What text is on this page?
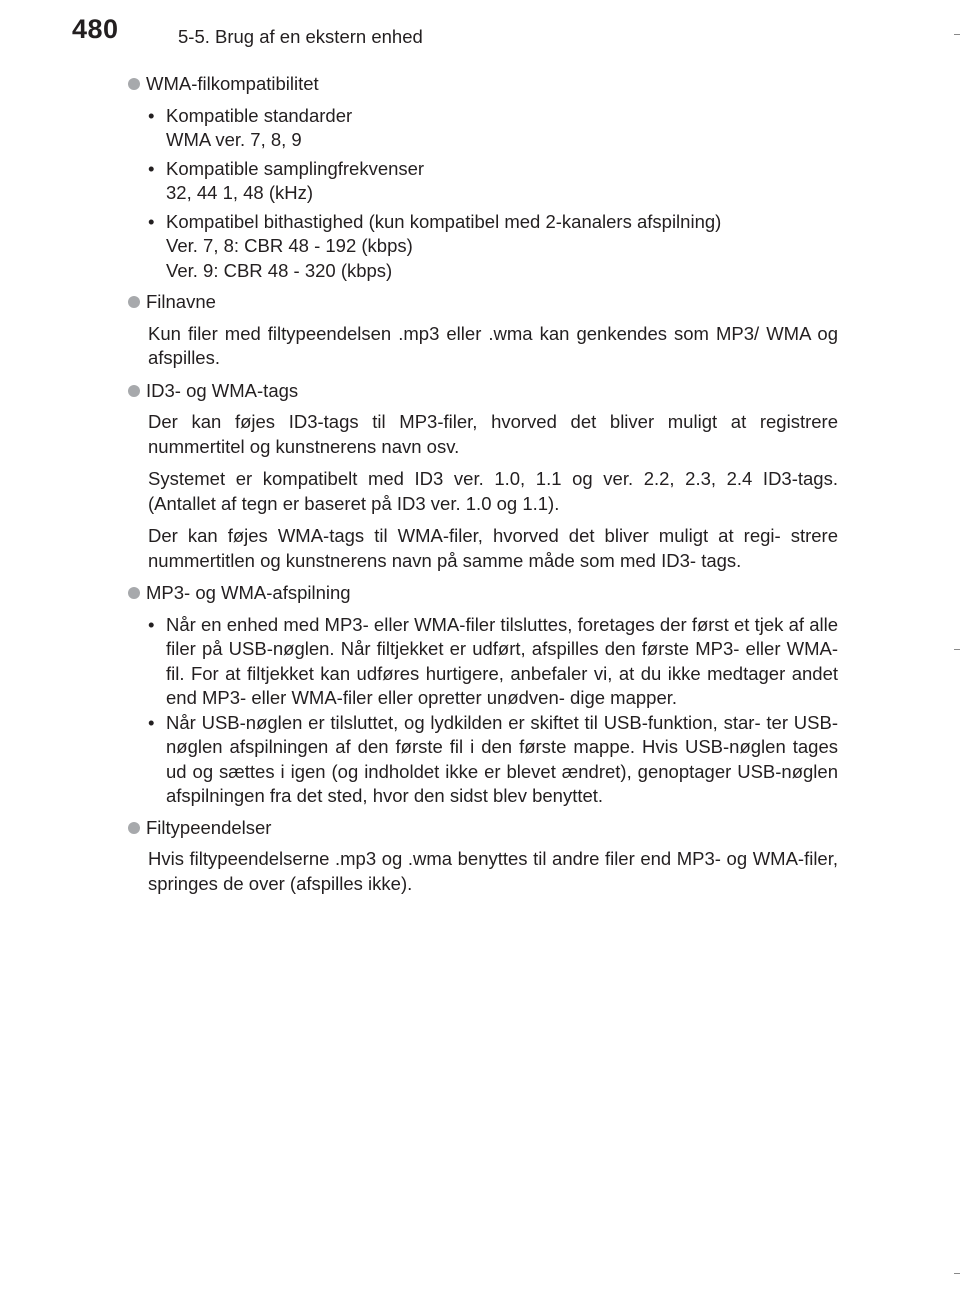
480	5-5. Brug af en ekstern enhed
WMA-filkompatibilitet
• Kompatible standarder
WMA ver. 7, 8, 9
• Kompatible samplingfrekvenser
32, 44 1, 48 (kHz)
• Kompatibel bithastighed (kun kompatibel med 2-kanalers afspilning)
Ver. 7, 8: CBR 48 - 192 (kbps)
Ver. 9: CBR 48 - 320 (kbps)
Filnavne

Kun filer med filtypeendelsen .mp3 eller .wma kan genkendes som MP3/ WMA og afspilles.

ID3- og WMA-tags

Der kan føjes ID3-tags til MP3-filer, hvorved det bliver muligt at registrere nummertitel og kunstnerens navn osv.

Systemet er kompatibelt med ID3 ver. 1.0, 1.1 og ver. 2.2, 2.3, 2.4 ID3-tags. (Antallet af tegn er baseret på ID3 ver. 1.0 og 1.1).

Der kan føjes WMA-tags til WMA-filer, hvorved det bliver muligt at regi- strere nummertitlen og kunstnerens navn på samme måde som med ID3- tags.

MP3- og WMA-afspilning
• Når en enhed med MP3- eller WMA-filer tilsluttes, foretages der først et tjek af alle filer på USB-nøglen. Når filtjekket er udført, afspilles den første MP3- eller WMA-fil. For at filtjekket kan udføres hurtigere, anbefaler vi, at du ikke medtager andet end MP3- eller WMA-filer eller opretter unødven- dige mapper.
• Når USB-nøglen er tilsluttet, og lydkilden er skiftet til USB-funktion, star- ter USB-nøglen afspilningen af den første fil i den første mappe. Hvis USB-nøglen tages ud og sættes i igen (og indholdet ikke er blevet ændret), genoptager USB-nøglen afspilningen fra det sted, hvor den sidst blev benyttet.
Filtypeendelser

Hvis filtypeendelserne .mp3 og .wma benyttes til andre filer end MP3- og WMA-filer, springes de over (afspilles ikke).
